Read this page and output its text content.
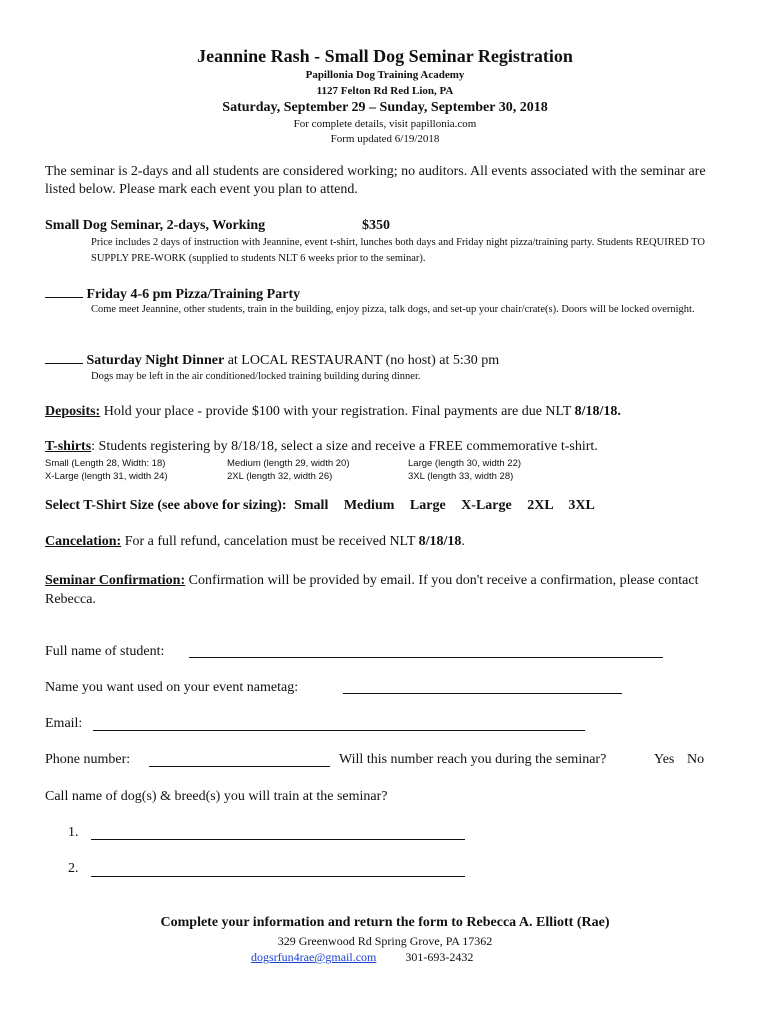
Jeannine Rash - Small Dog Seminar Registration
Papillonia Dog Training Academy
1127 Felton Rd Red Lion, PA
Saturday, September 29 – Sunday, September 30, 2018
For complete details, visit papillonia.com
Form updated 6/19/2018
The seminar is 2-days and all students are considered working; no auditors. All events associated with the seminar are listed below. Please mark each event you plan to attend.
Small Dog Seminar, 2-days, Working	$350
Price includes 2 days of instruction with Jeannine, event t-shirt, lunches both days and Friday night pizza/training party. Students REQUIRED TO SUPPLY PRE-WORK (supplied to students NLT 6 weeks prior to the seminar).
Friday 4-6 pm Pizza/Training Party
Come meet Jeannine, other students, train in the building, enjoy pizza, talk dogs, and set-up your chair/crate(s). Doors will be locked overnight.
Saturday Night Dinner at LOCAL RESTAURANT (no host) at 5:30 pm
Dogs may be left in the air conditioned/locked training building during dinner.
Deposits: Hold your place - provide $100 with your registration. Final payments are due NLT 8/18/18.
T-shirts: Students registering by 8/18/18, select a size and receive a FREE commemorative t-shirt.
Small (Length 28, Width: 18)	Medium (length 29, width 20)	Large (length 30, width 22)
X-Large (length 31, width 24)	2XL (length 32, width 26)	3XL (length 33, width 28)
Select T-Shirt Size (see above for sizing): Small Medium Large X-Large 2XL 3XL
Cancelation: For a full refund, cancelation must be received NLT 8/18/18.
Seminar Confirmation: Confirmation will be provided by email. If you don't receive a confirmation, please contact Rebecca.
Full name of student:
Name you want used on your event nametag:
Email:
Phone number:	Will this number reach you during the seminar?	Yes No
Call name of dog(s) & breed(s) you will train at the seminar?
1.
2.
Complete your information and return the form to Rebecca A. Elliott (Rae)
329 Greenwood Rd Spring Grove, PA 17362
dogsrfun4rae@gmail.com 301-693-2432
